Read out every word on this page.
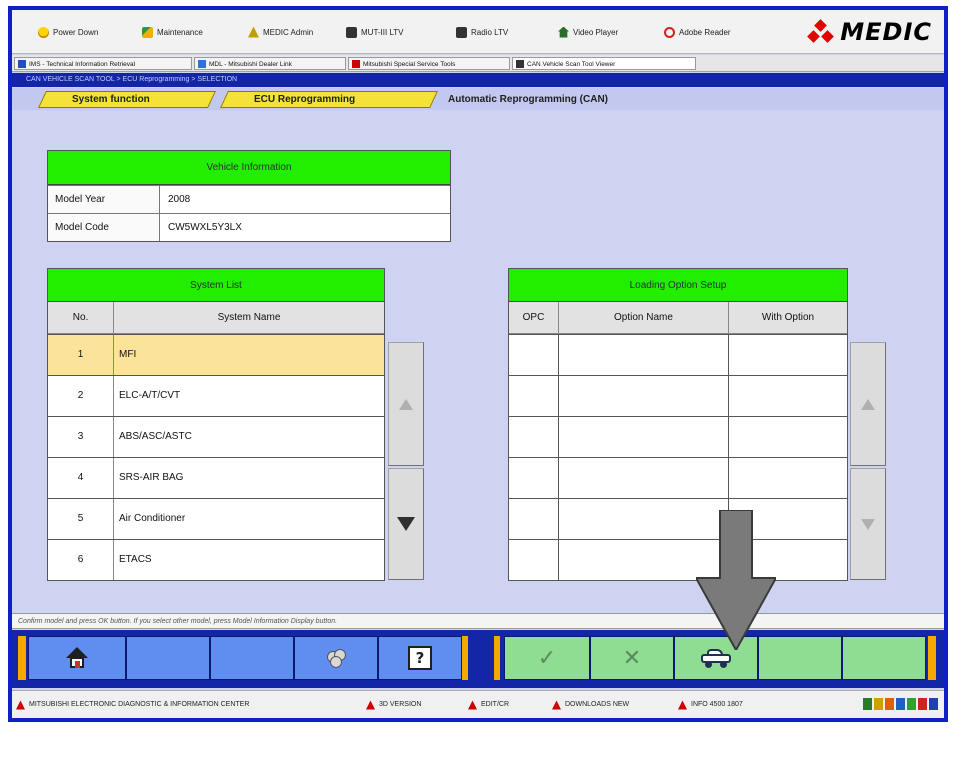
Power Down	Maintenance	MEDIC Admin	MUT-III LTV	Radio LTV	Video Player	Adobe Reader	MEDIC
IMS - Technical Information Retrieval	MDL - Mitsubishi Dealer Link	Mitsubishi Special Service Tools	CAN Vehicle Scan Tool Viewer
CAN VEHICLE SCAN TOOL > ECU Reprogramming > SELECTION
System function	ECU Reprogramming	Automatic Reprogramming (CAN)
Vehicle Information
Model Year	2008
Model Code	CW5WXL5Y3LX
System List
No.	System Name
1	MFI
2	ELC-A/T/CVT
3	ABS/ASC/ASTC
4	SRS-AIR BAG
5	Air Conditioner
6	ETACS
Loading Option Setup
OPC	Option Name	With Option
Confirm model and press OK button. If you select other model, press Model Information Display button.
?	✓	✕
MITSUBISHI ELECTRONIC DIAGNOSTIC & INFORMATION CENTER	3D VERSION	EDIT/CR	DOWNLOADS NEW	INFO 4500 1807
